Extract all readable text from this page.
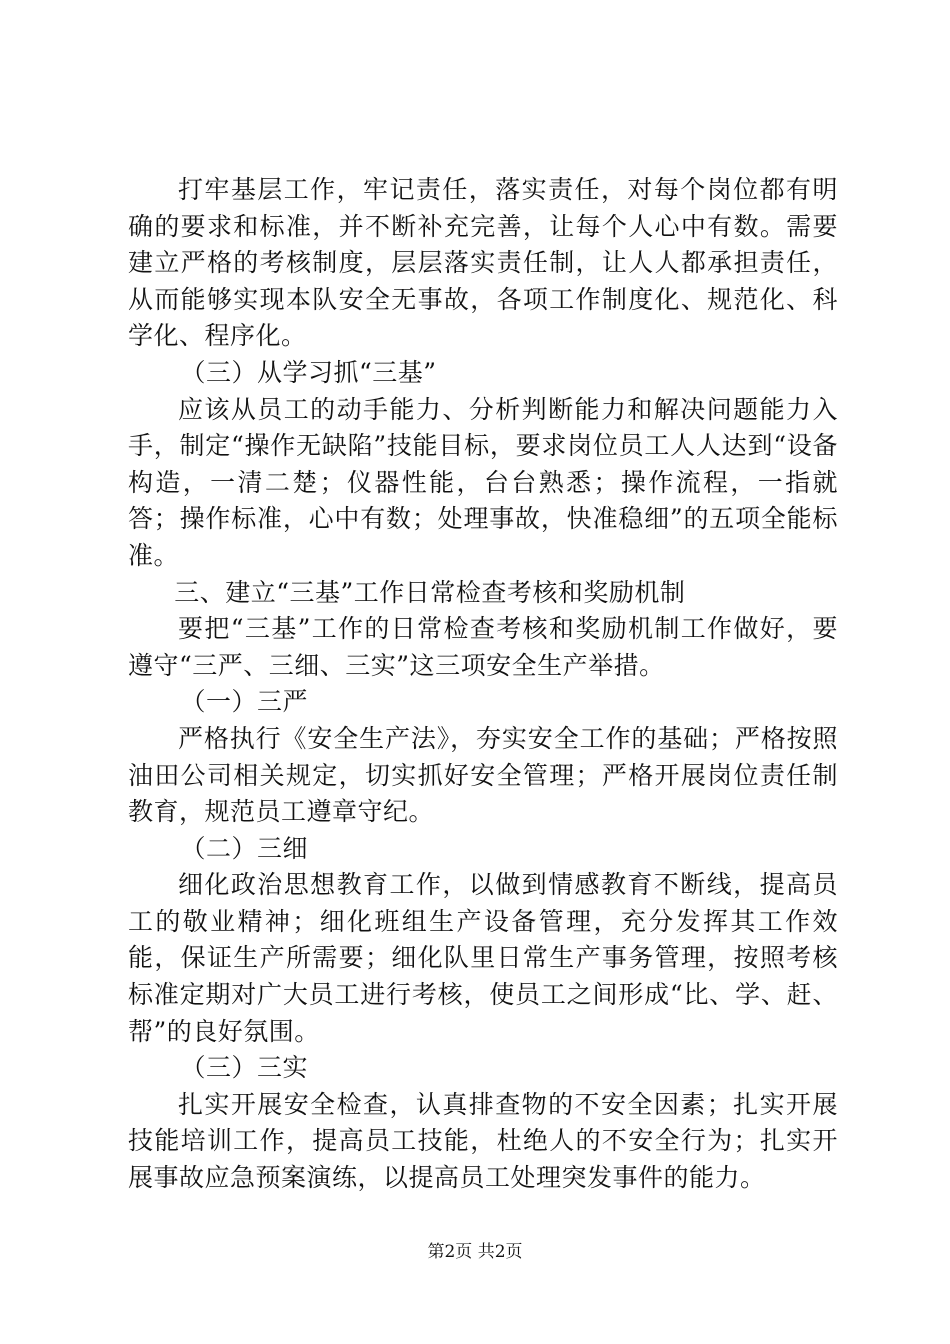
打牢基层工作，牢记责任，落实责任，对每个岗位都有明确的要求和标准，并不断补充完善，让每个人心中有数。需要建立严格的考核制度，层层落实责任制，让人人都承担责任，从而能够实现本队安全无事故，各项工作制度化、规范化、科学化、程序化。

（三）从学习抓“三基”

应该从员工的动手能力、分析判断能力和解决问题能力入手，制定“操作无缺陷”技能目标，要求岗位员工人人达到“设备构造，一清二楚；仪器性能，台台熟悉；操作流程，一指就答；操作标准，心中有数；处理事故，快准稳细”的五项全能标准。

三、建立“三基”工作日常检查考核和奖励机制

要把“三基”工作的日常检查考核和奖励机制工作做好，要遵守“三严、三细、三实”这三项安全生产举措。

（一）三严

严格执行《安全生产法》，夯实安全工作的基础；严格按照油田公司相关规定，切实抓好安全管理；严格开展岗位责任制教育，规范员工遵章守纪。

（二）三细

细化政治思想教育工作，以做到情感教育不断线，提高员工的敬业精神；细化班组生产设备管理，充分发挥其工作效能，保证生产所需要；细化队里日常生产事务管理，按照考核标准定期对广大员工进行考核，使员工之间形成“比、学、赶、帮”的良好氛围。

（三）三实

扎实开展安全检查，认真排查物的不安全因素；扎实开展技能培训工作，提高员工技能，杜绝人的不安全行为；扎实开展事故应急预案演练，以提高员工处理突发事件的能力。

第2页 共2页
